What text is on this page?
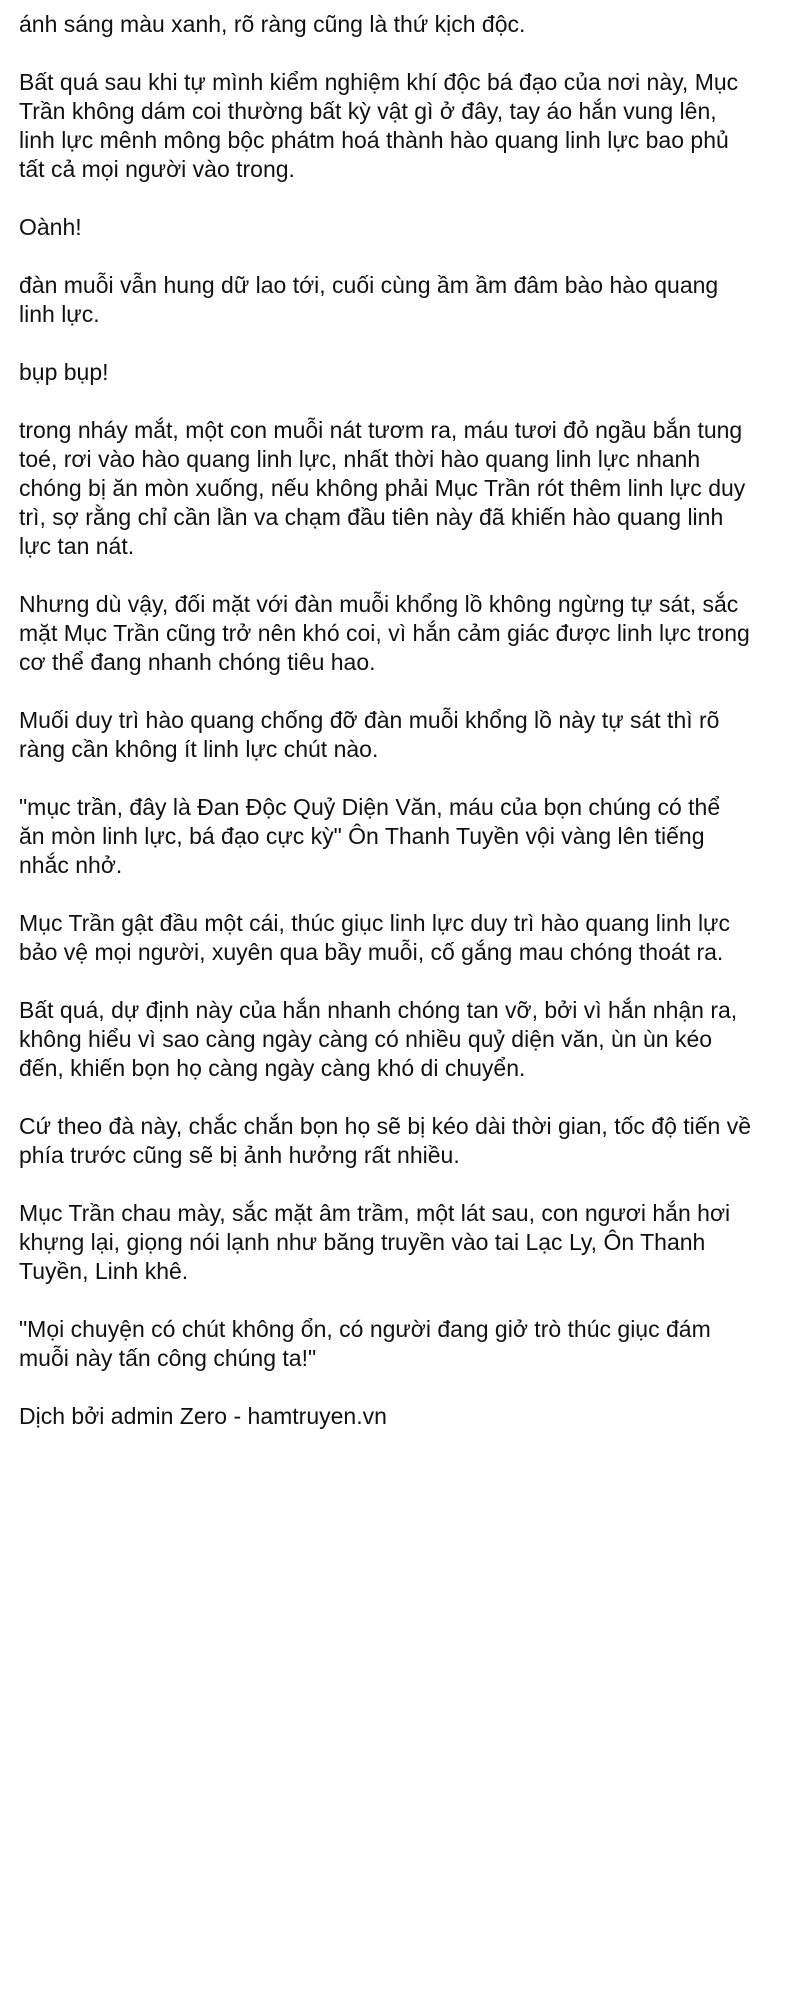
ánh sáng màu xanh, rõ ràng cũng là thứ kịch độc.

Bất quá sau khi tự mình kiểm nghiệm khí độc bá đạo của nơi này, Mục
Trần không dám coi thường bất kỳ vật gì ở đây, tay áo hắn vung lên,
linh lực mênh mông bộc phátm hoá thành hào quang linh lực bao phủ
tất cả mọi người vào trong.

Oành!

đàn muỗi vẫn hung dữ lao tới, cuối cùng ầm ầm đâm bào hào quang
linh lực.

bụp bụp!

trong nháy mắt, một con muỗi nát tươm ra, máu tươi đỏ ngầu bắn tung
toé, rơi vào hào quang linh lực, nhất thời hào quang linh lực nhanh
chóng bị ăn mòn xuống, nếu không phải Mục Trần rót thêm linh lực duy
trì, sợ rằng chỉ cần lần va chạm đầu tiên này đã khiến hào quang linh
lực tan nát.

Nhưng dù vậy, đối mặt với đàn muỗi khổng lồ không ngừng tự sát, sắc
mặt Mục Trần cũng trở nên khó coi, vì hắn cảm giác được linh lực trong
cơ thể đang nhanh chóng tiêu hao.

Muối duy trì hào quang chống đỡ đàn muỗi khổng lồ này tự sát thì rõ
ràng cần không ít linh lực chút nào.

"mục trần, đây là Đan Độc Quỷ Diện Văn, máu của bọn chúng có thể
ăn mòn linh lực, bá đạo cực kỳ" Ôn Thanh Tuyền vội vàng lên tiếng
nhắc nhở.

Mục Trần gật đầu một cái, thúc giục linh lực duy trì hào quang linh lực
bảo vệ mọi người, xuyên qua bầy muỗi, cố gắng mau chóng thoát ra.

Bất quá, dự định này của hắn nhanh chóng tan vỡ, bởi vì hắn nhận ra,
không hiểu vì sao càng ngày càng có nhiều quỷ diện văn, ùn ùn kéo
đến, khiến bọn họ càng ngày càng khó di chuyển.

Cứ theo đà này, chắc chắn bọn họ sẽ bị kéo dài thời gian, tốc độ tiến về
phía trước cũng sẽ bị ảnh hưởng rất nhiều.

Mục Trần chau mày, sắc mặt âm trầm, một lát sau, con ngươi hắn hơi
khựng lại, giọng nói lạnh như băng truyền vào tai Lạc Ly, Ôn Thanh
Tuyền, Linh khê.

"Mọi chuyện có chút không ổn, có người đang giở trò thúc giục đám
muỗi này tấn công chúng ta!"

Dịch bởi admin Zero - hamtruyen.vn
